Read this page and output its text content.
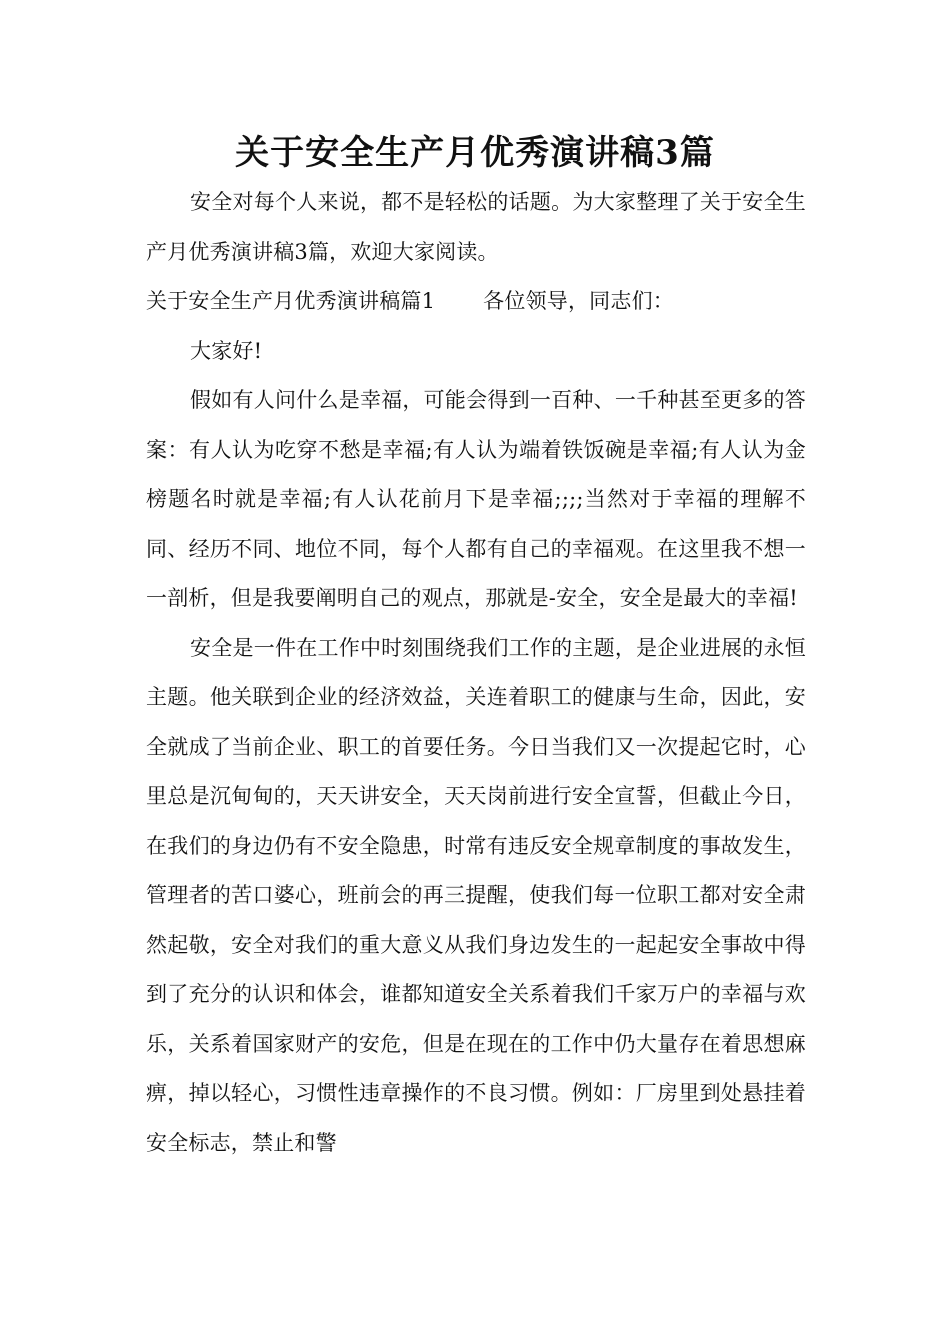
关于安全生产月优秀演讲稿3篇

安全对每个人来说，都不是轻松的话题。为大家整理了关于安全生产月优秀演讲稿3篇，欢迎大家阅读。

关于安全生产月优秀演讲稿篇1 各位领导，同志们：

大家好!

假如有人问什么是幸福，可能会得到一百种、一千种甚至更多的答案：有人认为吃穿不愁是幸福;有人认为端着铁饭碗是幸福;有人认为金榜题名时就是幸福;有人认花前月下是幸福;;;;当然对于幸福的理解不同、经历不同、地位不同，每个人都有自己的幸福观。在这里我不想一一剖析，但是我要阐明自己的观点，那就是-安全，安全是最大的幸福!

安全是一件在工作中时刻围绕我们工作的主题，是企业进展的永恒主题。他关联到企业的经济效益，关连着职工的健康与生命，因此，安全就成了当前企业、职工的首要任务。今日当我们又一次提起它时，心里总是沉甸甸的，天天讲安全，天天岗前进行安全宣誓，但截止今日，在我们的身边仍有不安全隐患，时常有违反安全规章制度的事故发生，管理者的苦口婆心，班前会的再三提醒，使我们每一位职工都对安全肃然起敬，安全对我们的重大意义从我们身边发生的一起起安全事故中得到了充分的认识和体会，谁都知道安全关系着我们千家万户的幸福与欢乐，关系着国家财产的安危，但是在现在的工作中仍大量存在着思想麻痹，掉以轻心，习惯性违章操作的不良习惯。例如：厂房里到处悬挂着安全标志，禁止和警
